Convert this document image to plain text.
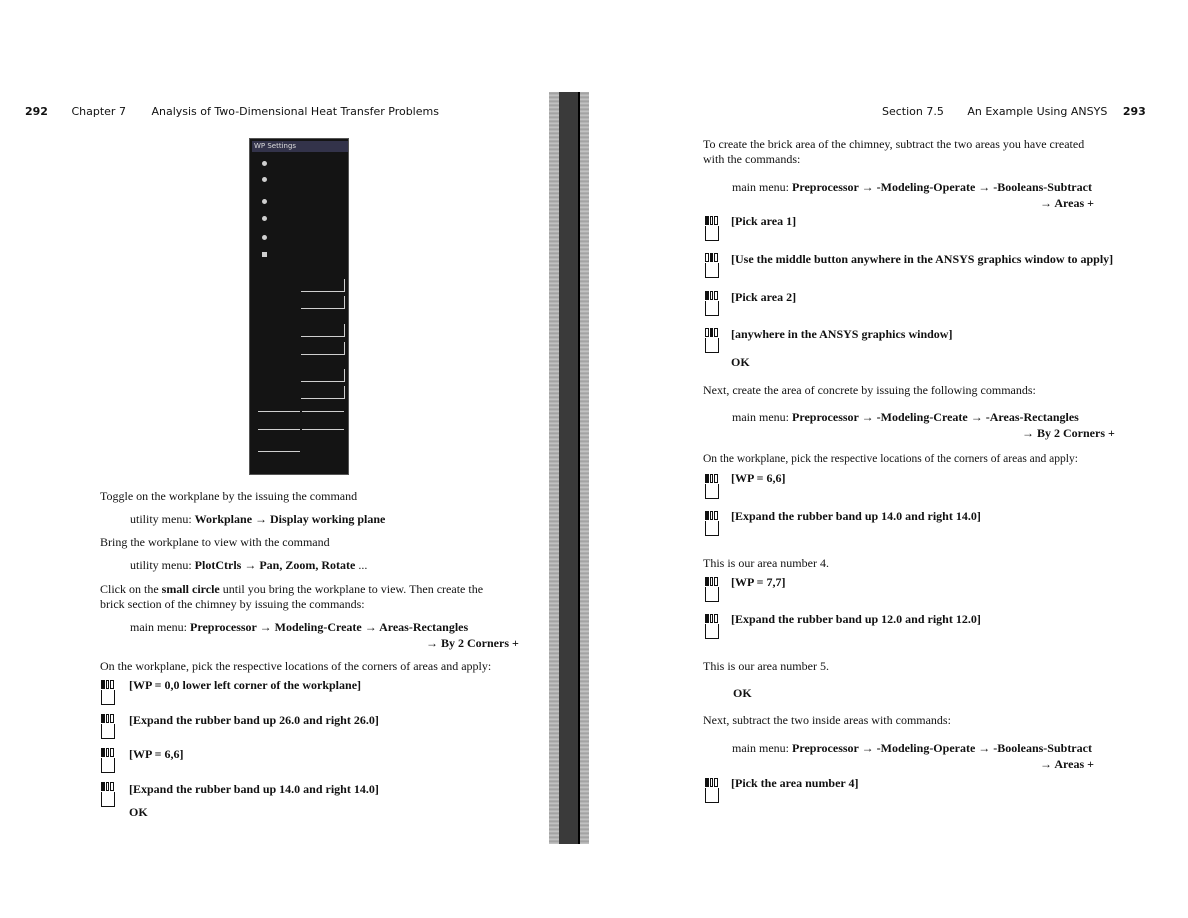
292 Chapter 7 Analysis of Two-Dimensional Heat Transfer Problems
WP Settings
Toggle on the workplane by the issuing the command
utility menu: Workplane → Display working plane
Bring the workplane to view with the command
utility menu: PlotCtrls → Pan, Zoom, Rotate ...
Click on the small circle until you bring the workplane to view. Then create the
brick section of the chimney by issuing the commands:
main menu: Preprocessor → Modeling-Create → Areas-Rectangles
→ By 2 Corners +
On the workplane, pick the respective locations of the corners of areas and apply:
[WP = 0,0 lower left corner of the workplane]
[Expand the rubber band up 26.0 and right 26.0]
[WP = 6,6]
[Expand the rubber band up 14.0 and right 14.0]
OK
Section 7.5 An Example Using ANSYS 293
To create the brick area of the chimney, subtract the two areas you have created
with the commands:
main menu: Preprocessor → -Modeling-Operate → -Booleans-Subtract
→ Areas +
[Pick area 1]
[Use the middle button anywhere in the ANSYS graphics window to apply]
[Pick area 2]
[anywhere in the ANSYS graphics window]
OK
Next, create the area of concrete by issuing the following commands:
main menu: Preprocessor → -Modeling-Create → -Areas-Rectangles
→ By 2 Corners +
On the workplane, pick the respective locations of the corners of areas and apply:
[WP = 6,6]
[Expand the rubber band up 14.0 and right 14.0]
This is our area number 4.
[WP = 7,7]
[Expand the rubber band up 12.0 and right 12.0]
This is our area number 5.
OK
Next, subtract the two inside areas with commands:
main menu: Preprocessor → -Modeling-Operate → -Booleans-Subtract
→ Areas +
[Pick the area number 4]
